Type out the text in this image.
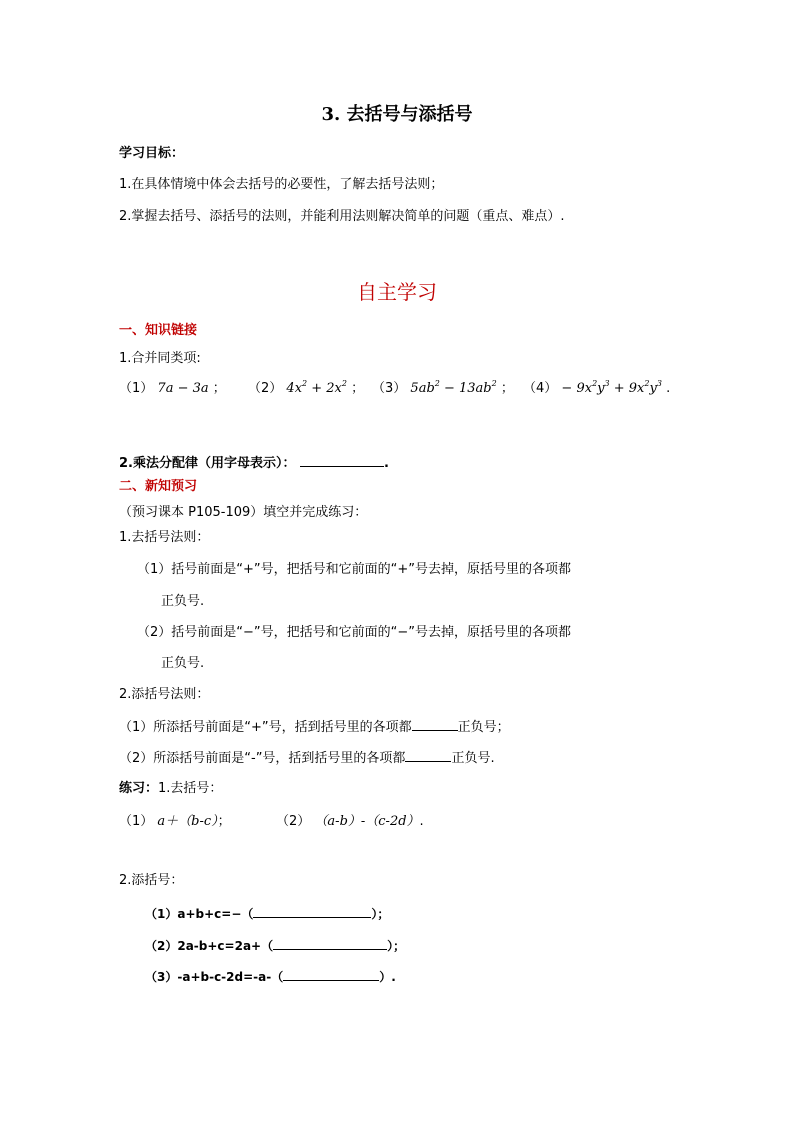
3. 去括号与添括号
学习目标：
1.在具体情境中体会去括号的必要性，了解去括号法则；
2.掌握去括号、添括号的法则，并能利用法则解决简单的问题（重点、难点）.
自主学习
一、知识链接
1.合并同类项:
（1） 7a − 3a ； （2） $4x^2 + 2x^2$ ； （3） $5ab^2 - 13ab^2$ ； $(4) - 9x^2y^3 + 9x^2y^3$ .
2.乘法分配律（用字母表示）：	.
二、新知预习
（预习课本 P105-109）填空并完成练习：
1.去括号法则：
（1）括号前面是“+”号，把括号和它前面的“+”号去掉，原括号里的各项都
正负号.
（2）括号前面是“−”号，把括号和它前面的“−”号去掉，原括号里的各项都
正负号.
2.添括号法则：
（1）所添括号前面是“+”号，括到括号里的各项都	正负号；
（2）所添括号前面是“-”号，括到括号里的各项都	正负号.
练习：1.去括号：
（1） a＋（b-c）；	（2） （a-b）-（c-2d）.
2.添括号：
（1）a+b+c=−（	）；
（2）2a-b+c=2a+（	）；
（3）-a+b-c-2d=-a-（	）.
